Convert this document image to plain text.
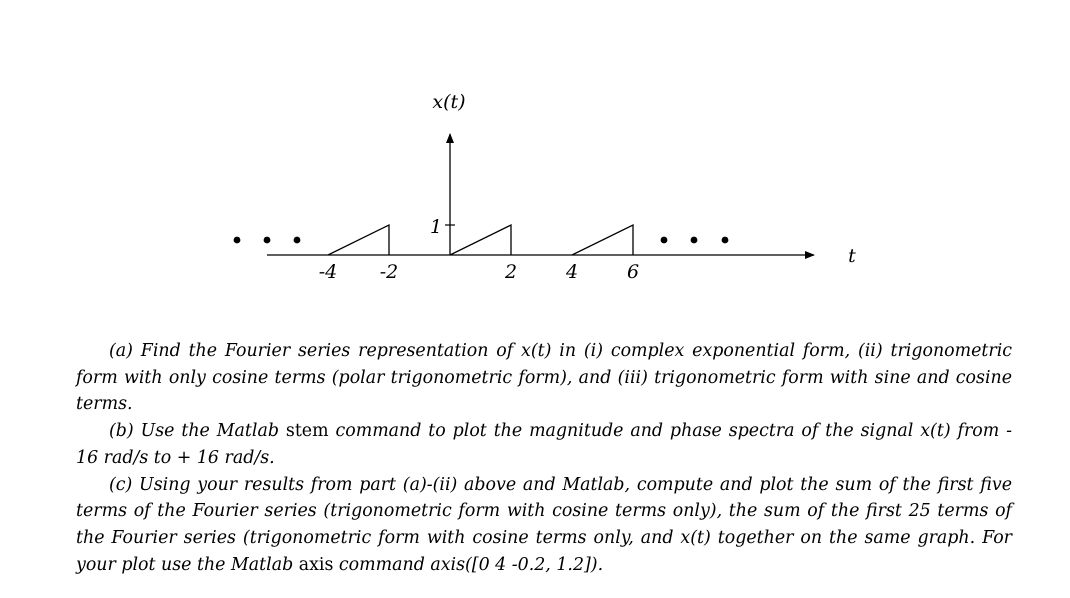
x(t)
t
1
-4 -2	2	4	6

(a) Find the Fourier series representation of x(t) in (i) complex exponential form, (ii) trigonometric form with only cosine terms (polar trigonometric form), and (iii) trigonometric form with sine and cosine terms.

(b) Use the Matlab stem command to plot the magnitude and phase spectra of the signal x(t) from - 16 rad/s to + 16 rad/s.

(c) Using your results from part (a)-(ii) above and Matlab, compute and plot the sum of the first five terms of the Fourier series (trigonometric form with cosine terms only), the sum of the first 25 terms of the Fourier series (trigonometric form with cosine terms only, and x(t) together on the same graph. For your plot use the Matlab axis command axis([0 4 -0.2, 1.2]).
